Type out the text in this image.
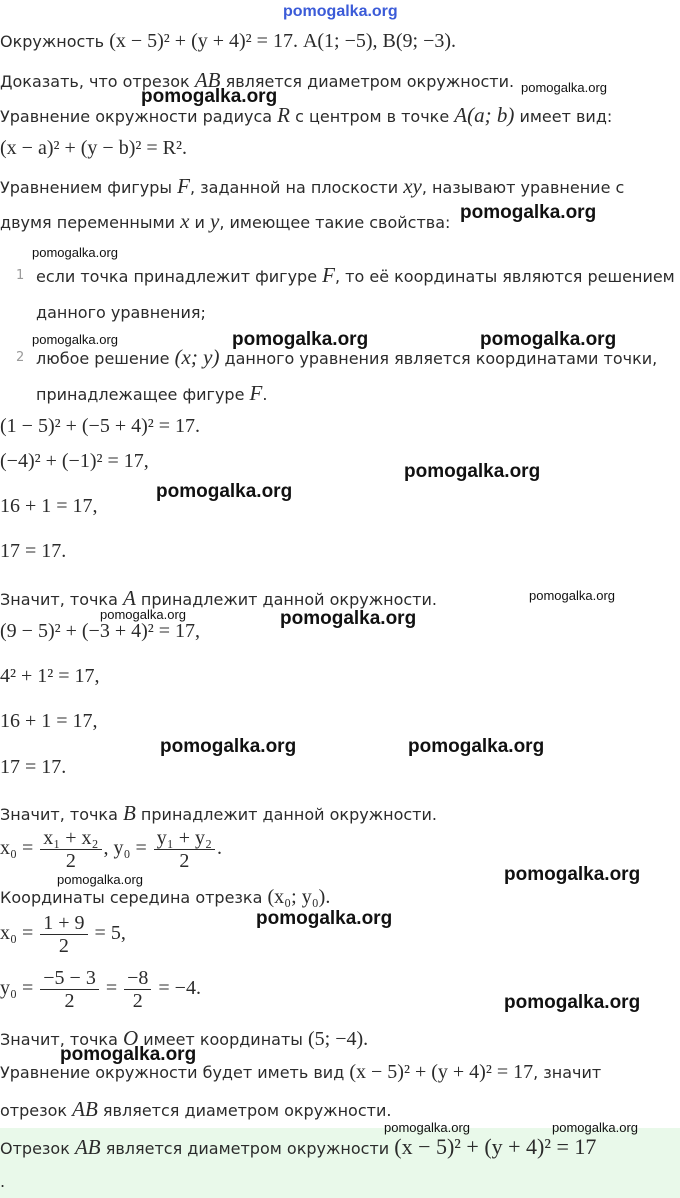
pomogalka.org
Окружность (x − 5)² + (y + 4)² = 17. A(1; −5), B(9; −3).
Доказать, что отрезок AB является диаметром окружности.
Уравнение окружности радиуса R с центром в точке A(a; b) имеет вид:
(x − a)² + (y − b)² = R².
Уравнением фигуры F, заданной на плоскости xy, называют уравнение с
двумя переменными x и y, имеющее такие свойства:
1 если точка принадлежит фигуре F, то её координаты являются решением
данного уравнения;
2 любое решение (x; y) данного уравнения является координатами точки,
принадлежащее фигуре F.
(1 − 5)² + (−5 + 4)² = 17.
(−4)² + (−1)² = 17,
16 + 1 = 17,
17 = 17.
Значит, точка A принадлежит данной окружности.
(9 − 5)² + (−3 + 4)² = 17,
4² + 1² = 17,
16 + 1 = 17,
17 = 17.
Значит, точка B принадлежит данной окружности.
$x_0 = \frac{\text{x₁ + x₂}}{2}$ , $y_0 = \frac{\text{y₁ + y₂}}{2}$ .
Координаты середина отрезка (x₀; y₀).
$x_0 = \frac{1 + 9}{2} = 5$,
$y_0 = \frac{-5 - 3}{2} = \frac{-8}{2} = -4$.
Значит, точка O имеет координаты (5; −4).
Уравнение окружности будет иметь вид (x − 5)² + (y + 4)² = 17, значит
отрезок AB является диаметром окружности.
Отрезок AB является диаметром окружности (x − 5)² + (y + 4)² = 17
.
pomogalka.org
pomogalka.org
pomogalka.org
pomogalka.org
pomogalka.org	pomogalka.org	pomogalka.org
pomogalka.org
pomogalka.org
pomogalka.org
pomogalka.org	pomogalka.org
pomogalka.org	pomogalka.org
pomogalka.org
pomogalka.org
pomogalka.org
pomogalka.org
pomogalka.org
pomogalka.org	pomogalka.org
